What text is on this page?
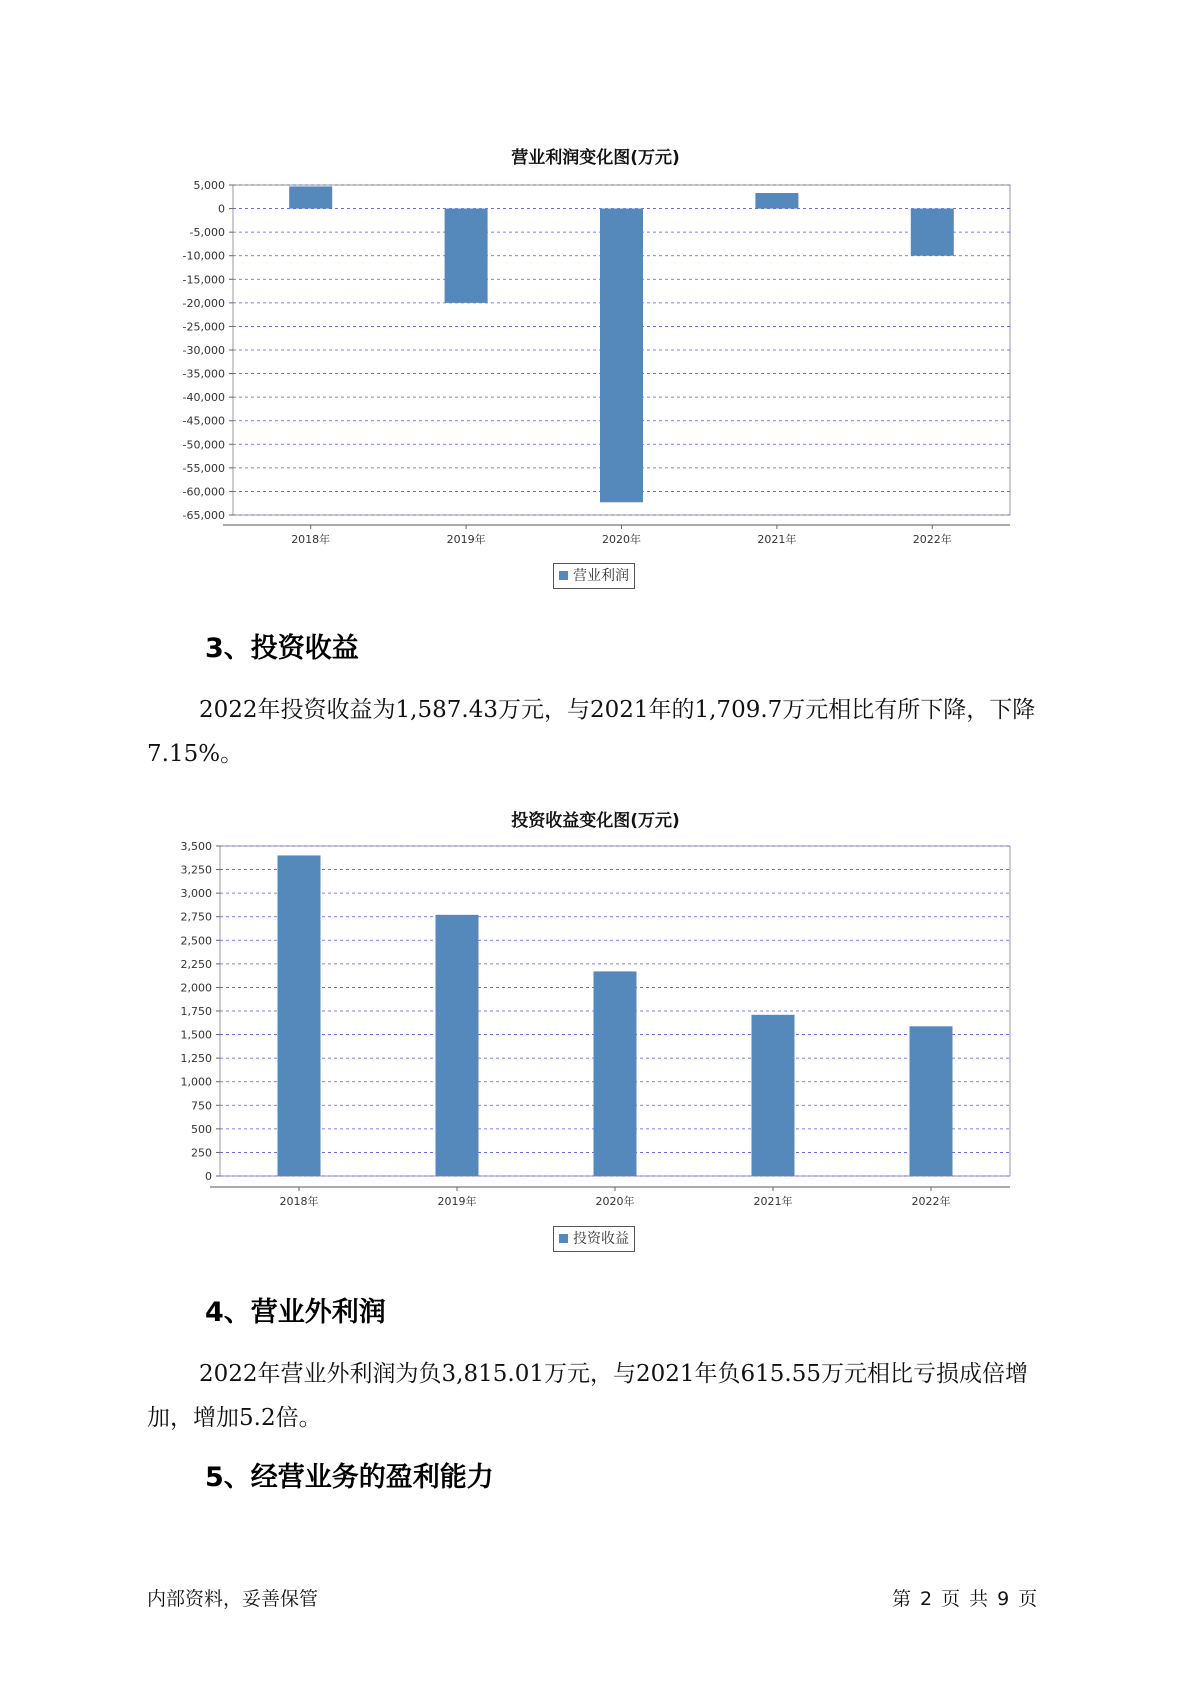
营业利润变化图(万元)
5,000
0
-5,000
-10,000
-15,000
-20,000
-25,000
-30,000
-35,000
-40,000
-45,000
-50,000
-55,000
-60,000
-65,000
2018年	2019年	2020年	2021年	2022年
营业利润
3、投资收益
2022年投资收益为1,587.43万元，与2021年的1,709.7万元相比有所下降，下降7.15%。
投资收益变化图(万元)
3,500
3,250
3,000
2,750
2,500
2,250
2,000
1,750
1,500
1,250
1,000
750
500
250
0
2018年	2019年	2020年	2021年	2022年
投资收益
4、营业外利润
2022年营业外利润为负3,815.01万元，与2021年负615.55万元相比亏损成倍增加，增加5.2倍。
5、经营业务的盈利能力
内部资料，妥善保管	第 2 页 共 9 页
